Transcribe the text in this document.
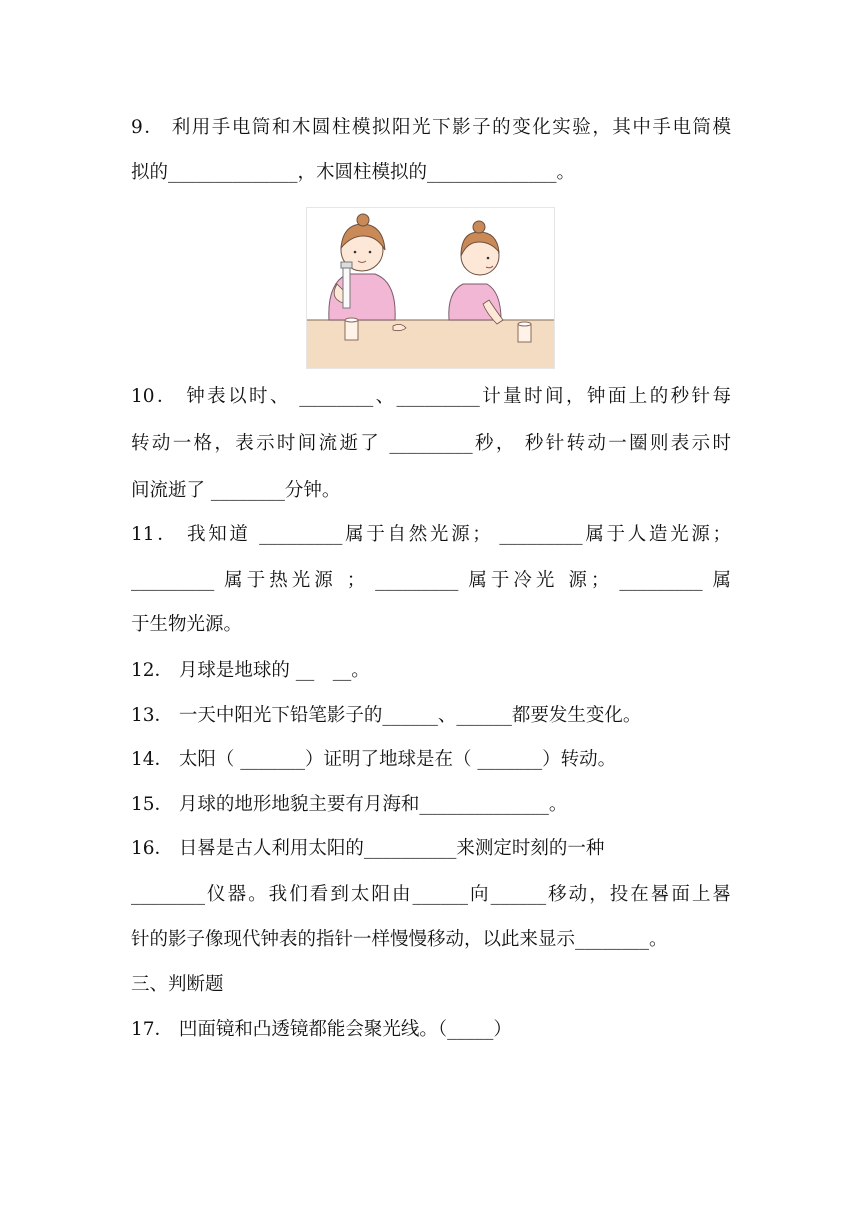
9． 利用手电筒和木圆柱模拟阳光下影子的变化实验，其中手电筒模
拟的______________，木圆柱模拟的______________。
10． 钟表以时、 ________、_________计量时间，钟面上的秒针每
转动一格，表示时间流逝了 _________秒， 秒针转动一圈则表示时
间流逝了 ________分钟。
11． 我知道 _________属于自然光源； _________属于人造光源；
_________ 属于热光源 ； _________ 属于冷光 源； _________ 属
于生物光源。
12． 月球是地球的 __　__。
13． 一天中阳光下铅笔影子的______、______都要发生变化。
14． 太阳（ _______）证明了地球是在（ _______）转动。
15． 月球的地形地貌主要有月海和______________。
16． 日晷是古人利用太阳的__________来测定时刻的一种
________仪器。我们看到太阳由______向______移动，投在晷面上晷
针的影子像现代钟表的指针一样慢慢移动，以此来显示________。
三、判断题
17． 凹面镜和凸透镜都能会聚光线。（_____）
